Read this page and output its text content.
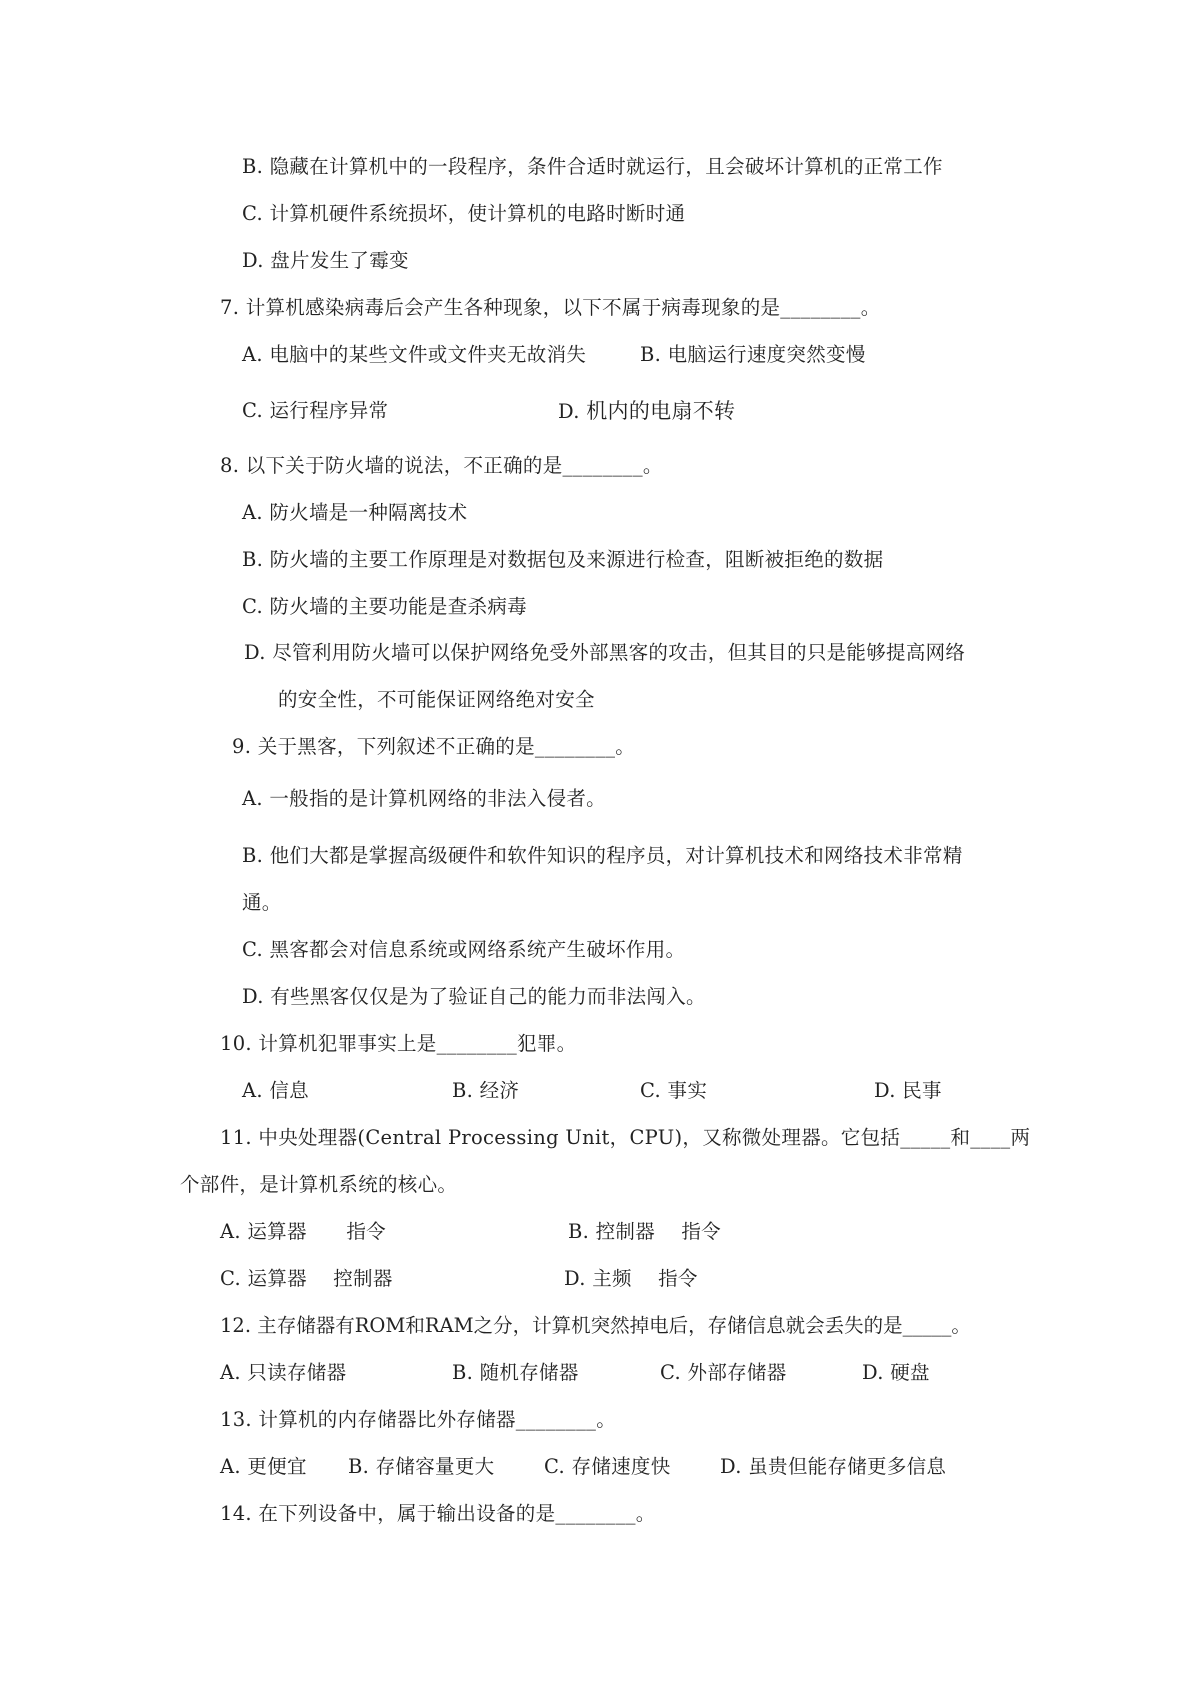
B. 隐藏在计算机中的一段程序，条件合适时就运行，且会破坏计算机的正常工作

C. 计算机硬件系统损坏，使计算机的电路时断时通

D. 盘片发生了霉变

7. 计算机感染病毒后会产生各种现象，以下不属于病毒现象的是________。

A. 电脑中的某些文件或文件夹无故消失	B. 电脑运行速度突然变慢
C. 运行程序异常	D. 机内的电扇不转

8. 以下关于防火墙的说法，不正确的是________。

A. 防火墙是一种隔离技术

B. 防火墙的主要工作原理是对数据包及来源进行检查，阻断被拒绝的数据

C. 防火墙的主要功能是查杀病毒

D. 尽管利用防火墙可以保护网络免受外部黑客的攻击，但其目的只是能够提高网络

的安全性，不可能保证网络绝对安全

9. 关于黑客，下列叙述不正确的是________。

A. 一般指的是计算机网络的非法入侵者。

B. 他们大都是掌握高级硬件和软件知识的程序员，对计算机技术和网络技术非常精

通。

C. 黑客都会对信息系统或网络系统产生破坏作用。

D. 有些黑客仅仅是为了验证自己的能力而非法闯入。

10. 计算机犯罪事实上是________犯罪。

A. 信息	B. 经济	C. 事实	D. 民事

11. 中央处理器(Central Processing Unit，CPU)，又称微处理器。它包括_____和____两

个部件，是计算机系统的核心。

A. 运算器　　指令	B. 控制器　 指令
C. 运算器　 控制器	D. 主频　 指令

12. 主存储器有ROM和RAM之分，计算机突然掉电后，存储信息就会丢失的是_____。

A. 只读存储器	B. 随机存储器	C. 外部存储器	D. 硬盘

13. 计算机的内存储器比外存储器________。

A. 更便宜 B. 存储容量更大	C. 存储速度快	D. 虽贵但能存储更多信息

14. 在下列设备中，属于输出设备的是________。
